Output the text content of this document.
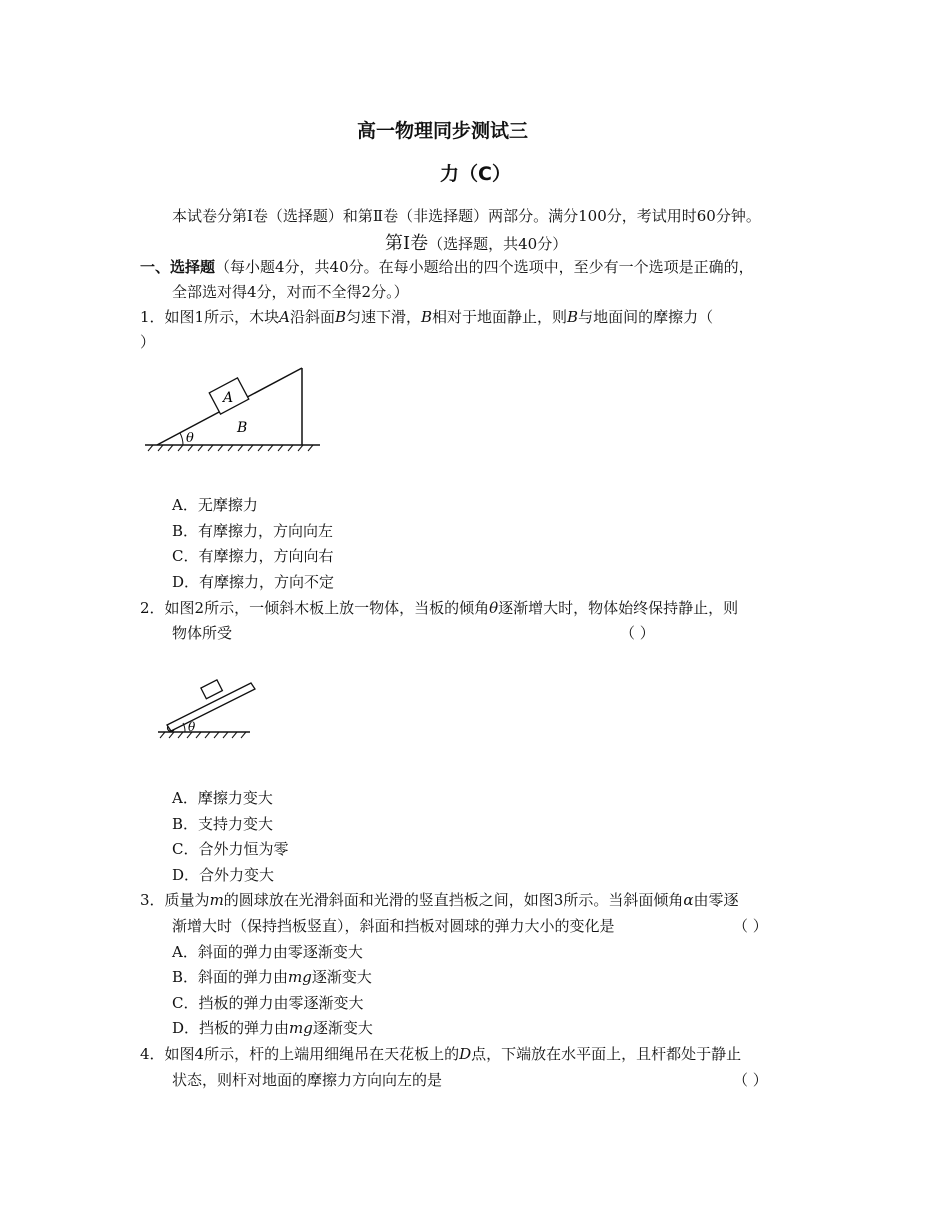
高一物理同步测试三
力（C）
本试卷分第Ⅰ卷（选择题）和第Ⅱ卷（非选择题）两部分。满分100分，考试用时60分钟。
第Ⅰ卷（选择题，共40分）
一、选择题（每小题4分，共40分。在每小题给出的四个选项中，至少有一个选项是正确的，
全部选对得4分，对而不全得2分。）
1．如图1所示，木块A沿斜面B匀速下滑，B相对于地面静止，则B与地面间的摩擦力（
）
A
B
θ
A．无摩擦力
B．有摩擦力，方向向左
C．有摩擦力，方向向右
D．有摩擦力，方向不定
2．如图2所示，一倾斜木板上放一物体，当板的倾角θ逐渐增大时，物体始终保持静止，则
物体所受	（ ）
θ
A．摩擦力变大
B．支持力变大
C．合外力恒为零
D．合外力变大
3．质量为m的圆球放在光滑斜面和光滑的竖直挡板之间，如图3所示。当斜面倾角α由零逐
渐增大时（保持挡板竖直），斜面和挡板对圆球的弹力大小的变化是	（ ）
A．斜面的弹力由零逐渐变大
B．斜面的弹力由mg逐渐变大
C．挡板的弹力由零逐渐变大
D．挡板的弹力由mg逐渐变大
4．如图4所示，杆的上端用细绳吊在天花板上的D点，下端放在水平面上，且杆都处于静止
状态，则杆对地面的摩擦力方向向左的是	（ ）
